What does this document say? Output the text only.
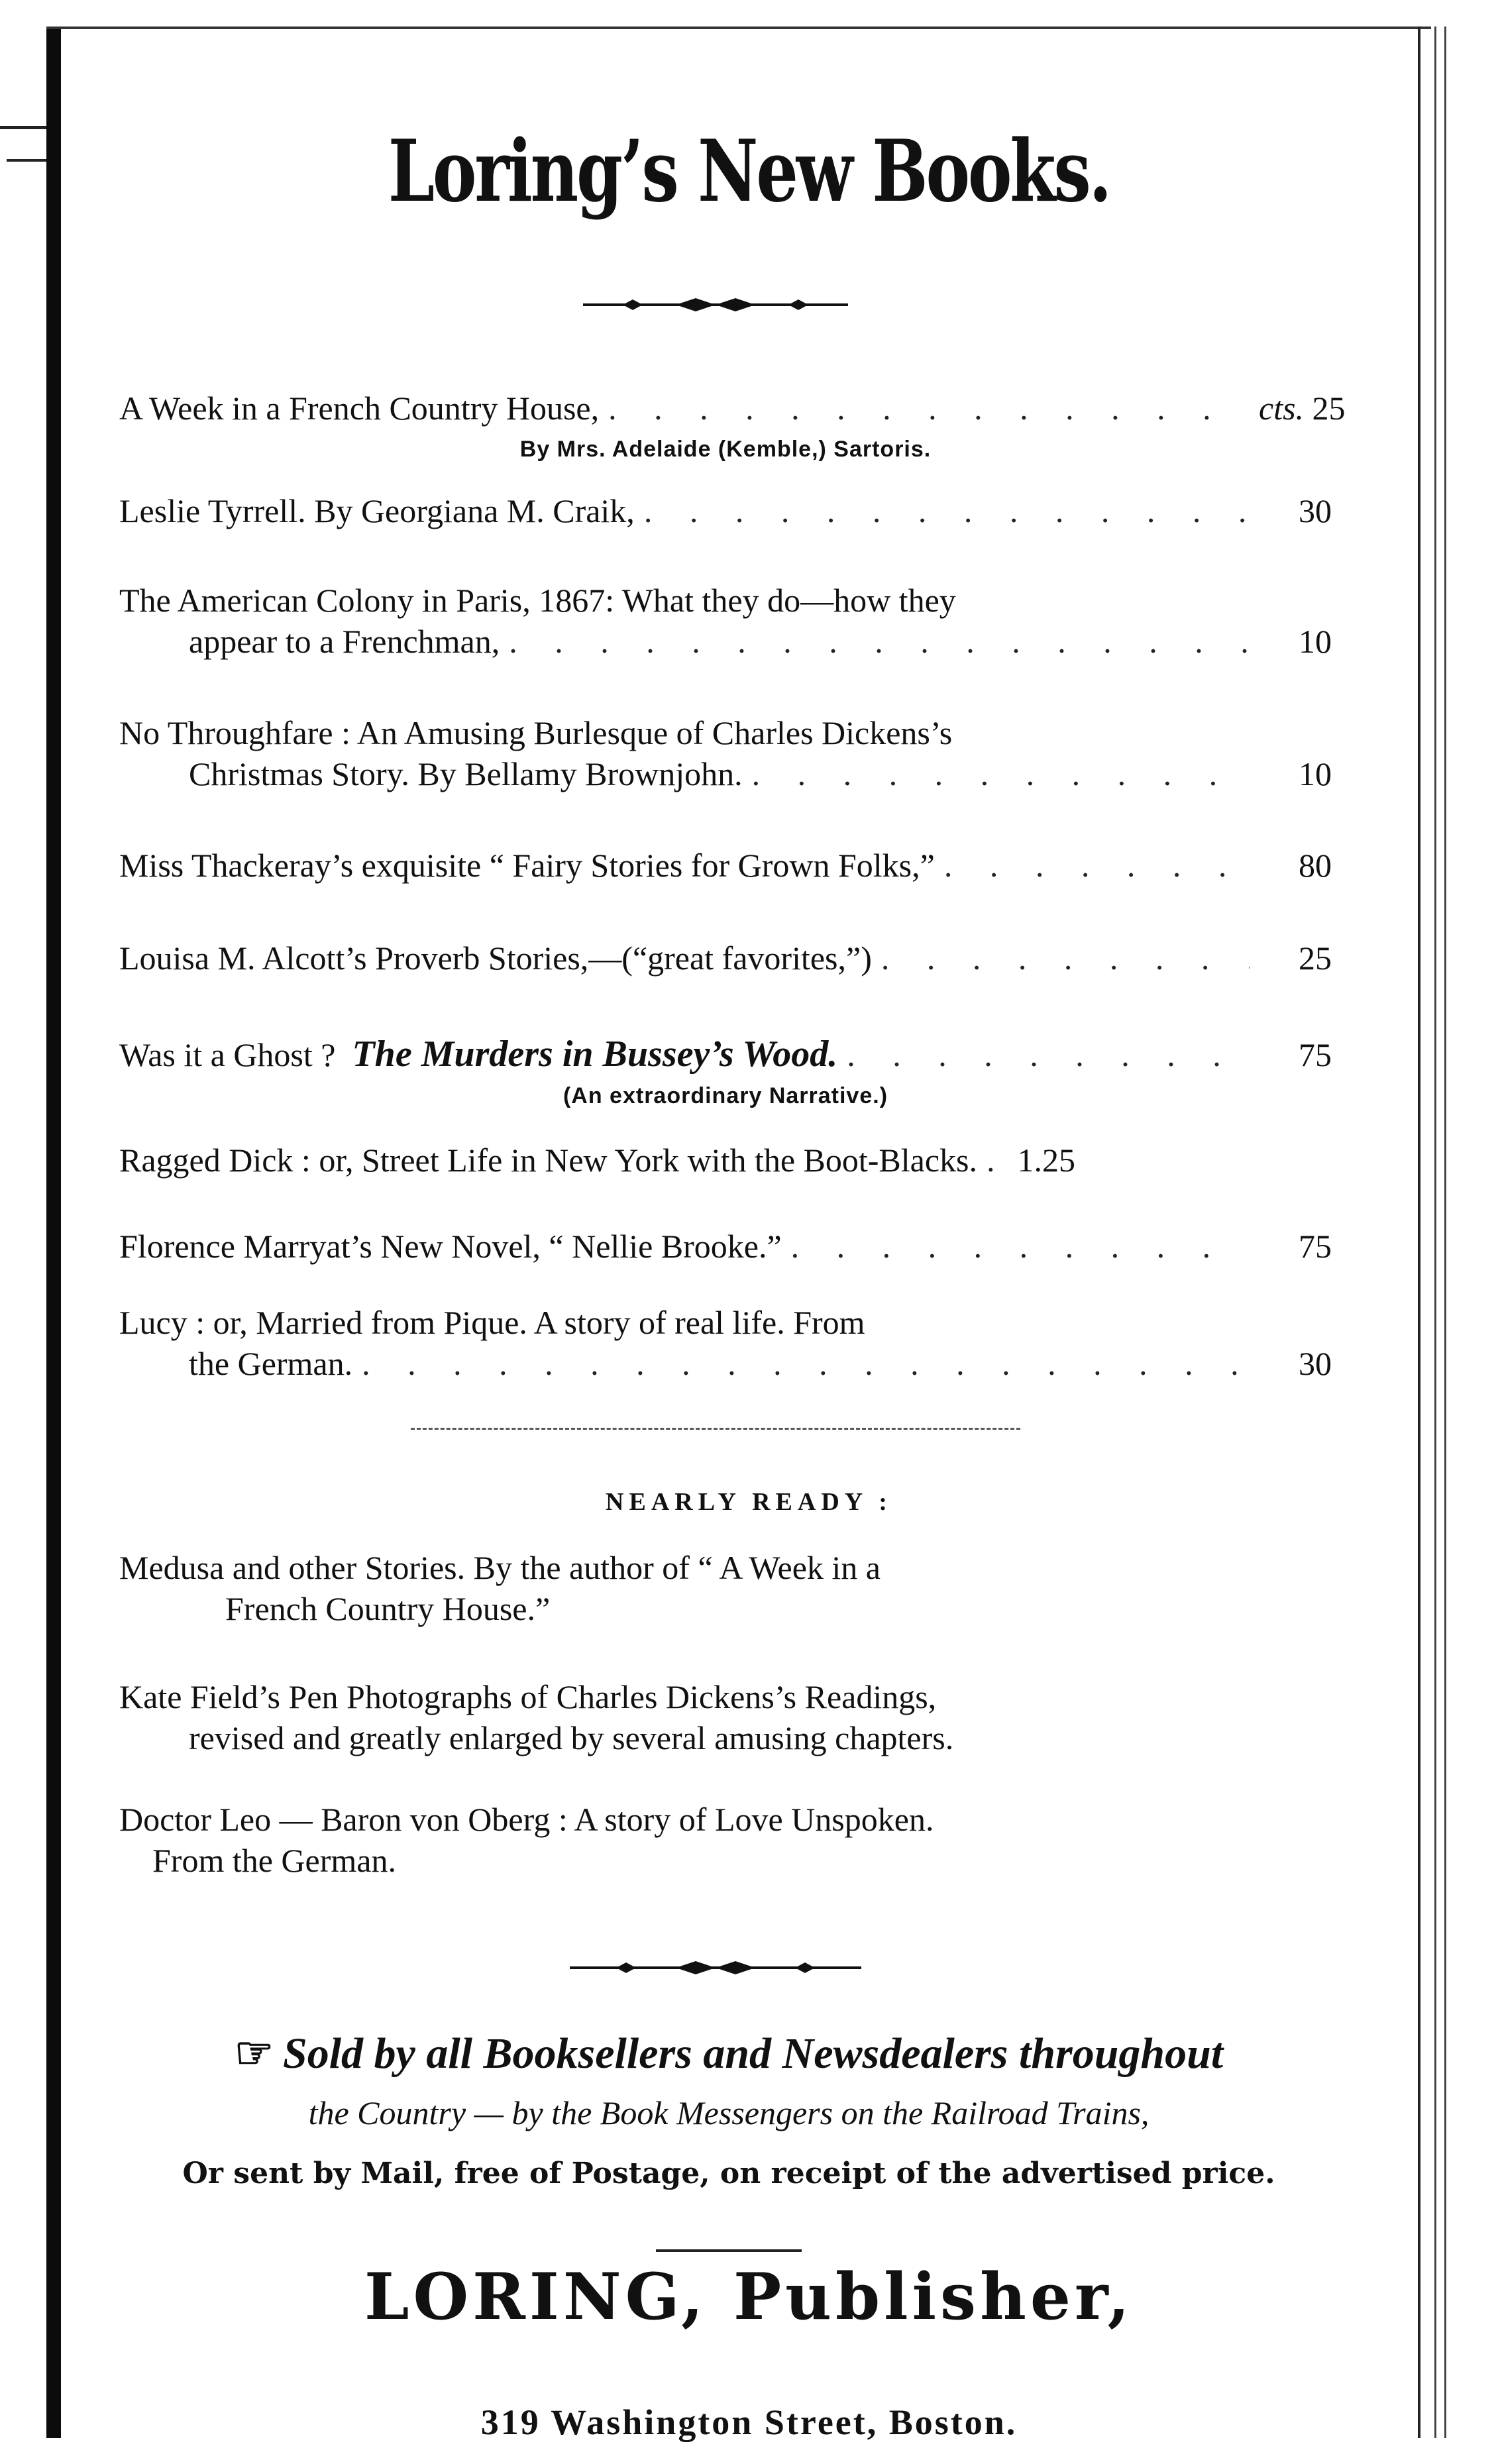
Loring’s New Books.
A Week in a French Country House, . . .	cts. 25
By Mrs. Adelaide (Kemble,) Sartoris.
Leslie Tyrrell. By Georgiana M. Craik, . . .	30
The American Colony in Paris, 1867: What they do—how they
appear to a Frenchman, . . .	10
No Throughfare : An Amusing Burlesque of Charles Dickens’s
Christmas Story. By Bellamy Brownjohn. . . .	10
Miss Thackeray’s exquisite “ Fairy Stories for Grown Folks,” . . .	80
Louisa M. Alcott’s Proverb Stories,—(“great favorites,”) . . .	25
Was it a Ghost ?
The Murders in Bussey’s Wood. . . .	75
(An extraordinary Narrative.)
Ragged Dick : or, Street Life in New York with the Boot-Blacks. . . .	1.25
Florence Marryat’s New Novel, “ Nellie Brooke.” . . .	75
Lucy : or, Married from Pique. A story of real life. From
the German. . . .	30
NEARLY READY :
Medusa and other Stories. By the author of “ A Week in a
French Country House.”
Kate Field’s Pen Photographs of Charles Dickens’s Readings,
revised and greatly enlarged by several amusing chapters.
Doctor Leo — Baron von Oberg : A story of Love Unspoken.
From the German.
☞ Sold by all Booksellers and Newsdealers throughout
the Country — by the Book Messengers on the Railroad Trains,
Or sent by Mail, free of Postage, on receipt of the advertised price.
LORING, Publisher,
319 Washington Street, Boston.
